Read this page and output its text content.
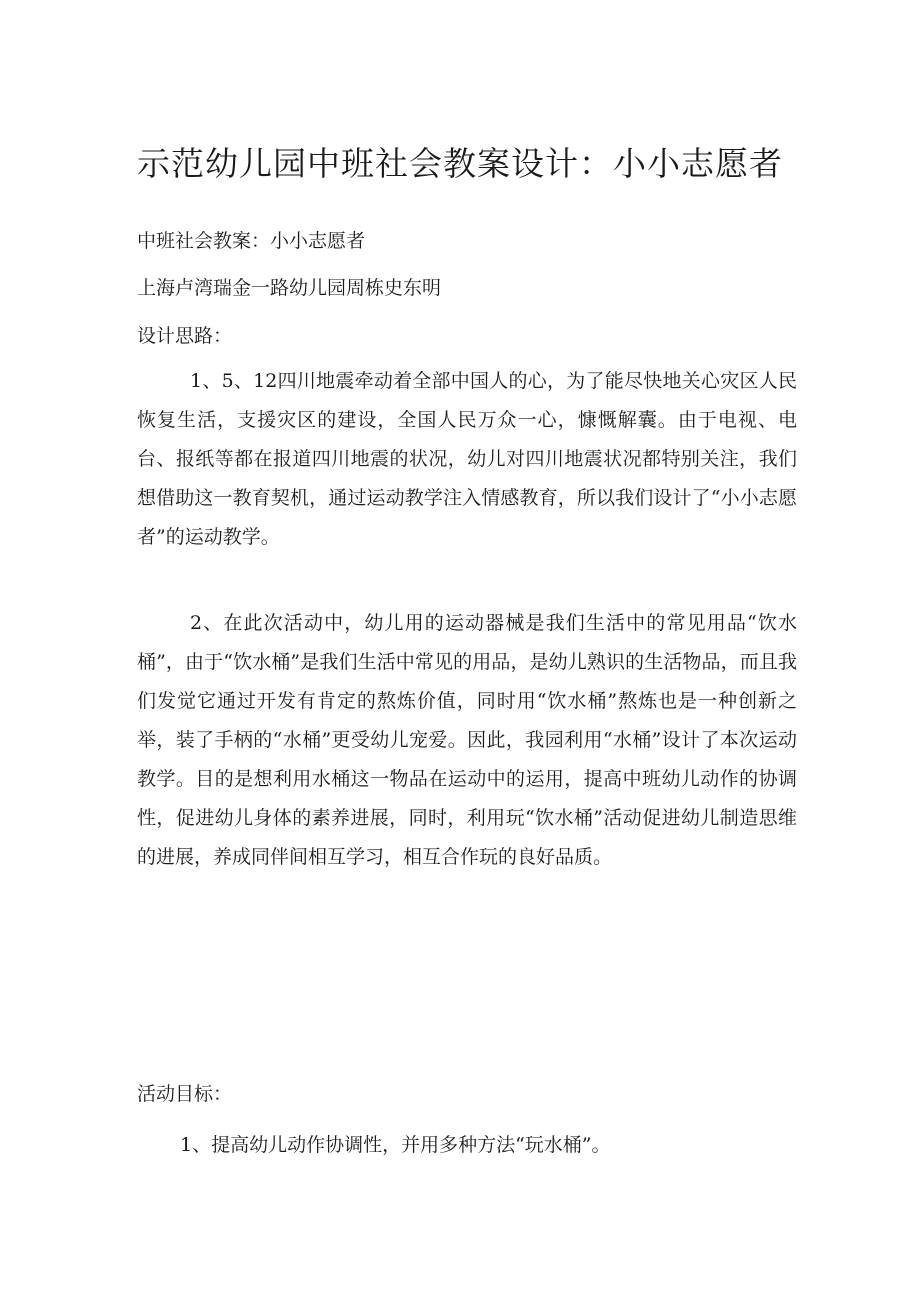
示范幼儿园中班社会教案设计：小小志愿者

中班社会教案：小小志愿者

上海卢湾瑞金一路幼儿园周栋史东明

设计思路：

1、5、12四川地震牵动着全部中国人的心，为了能尽快地关心灾区人民恢复生活，支援灾区的建设，全国人民万众一心，慷慨解囊。由于电视、电台、报纸等都在报道四川地震的状况，幼儿对四川地震状况都特别关注，我们想借助这一教育契机，通过运动教学注入情感教育，所以我们设计了“小小志愿者”的运动教学。

2、在此次活动中，幼儿用的运动器械是我们生活中的常见用品“饮水桶”，由于“饮水桶”是我们生活中常见的用品，是幼儿熟识的生活物品，而且我们发觉它通过开发有肯定的熬炼价值，同时用“饮水桶”熬炼也是一种创新之举，装了手柄的“水桶”更受幼儿宠爱。因此，我园利用“水桶”设计了本次运动教学。目的是想利用水桶这一物品在运动中的运用，提高中班幼儿动作的协调性，促进幼儿身体的素养进展，同时，利用玩“饮水桶”活动促进幼儿制造思维的进展，养成同伴间相互学习，相互合作玩的良好品质。

活动目标：

1、提高幼儿动作协调性，并用多种方法“玩水桶”。
